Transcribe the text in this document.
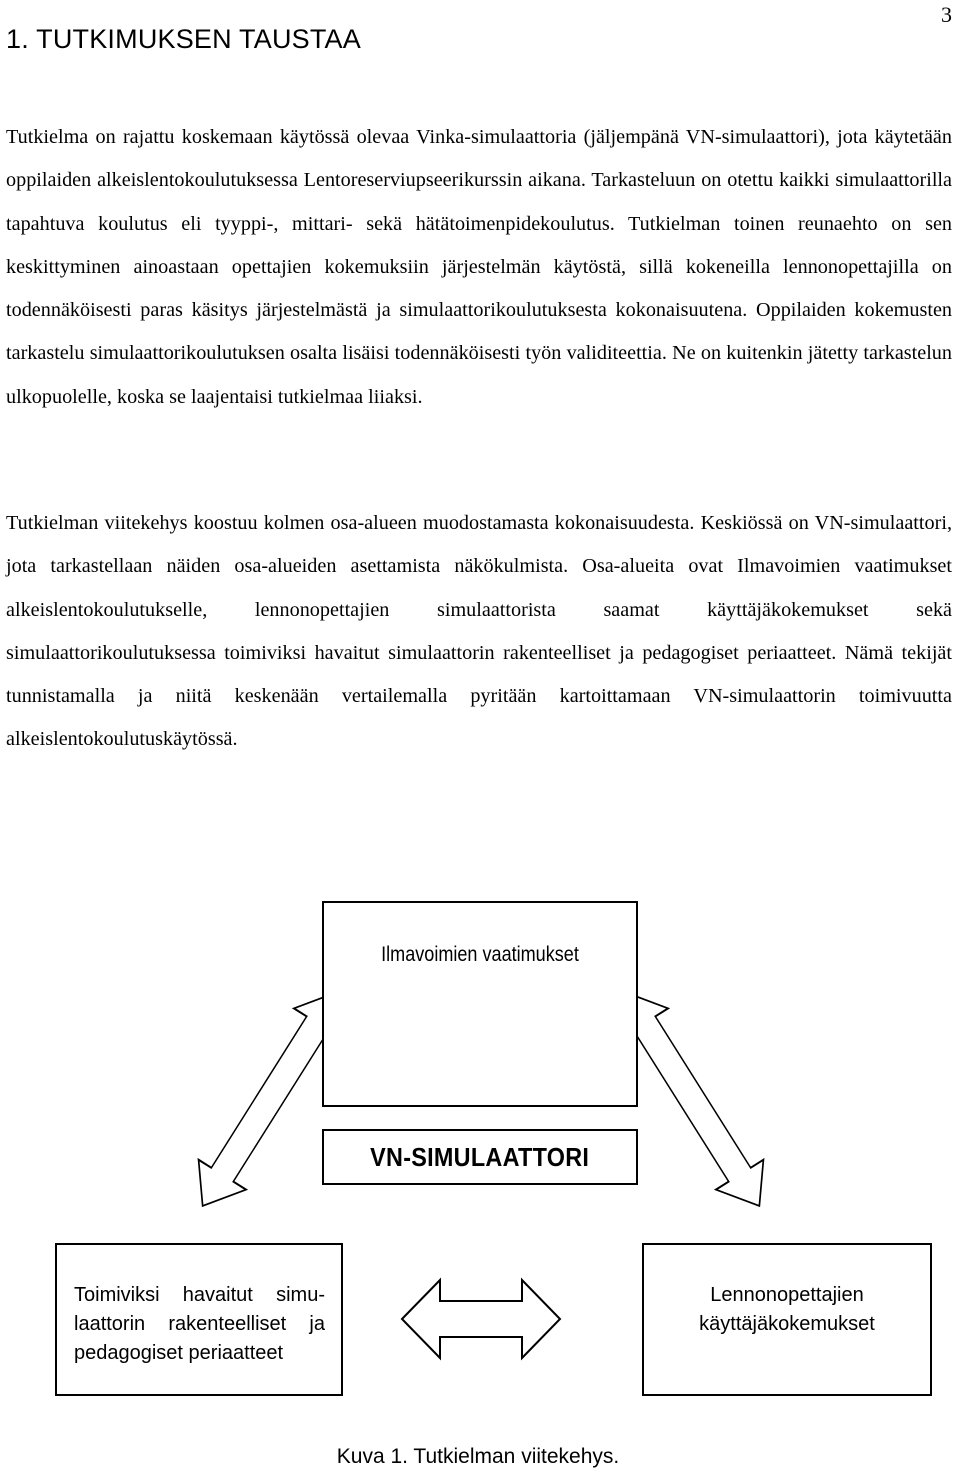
3
1. TUTKIMUKSEN TAUSTAA

Tutkielma on rajattu koskemaan käytössä olevaa Vinka-simulaattoria (jäljempänä VN-simulaattori), jota käytetään oppilaiden alkeislentokoulutuksessa Lentoreserviupseerikurssin aikana. Tarkasteluun on otettu kaikki simulaattorilla tapahtuva koulutus eli tyyppi-, mittari- sekä hätätoimenpidekoulutus. Tutkielman toinen reunaehto on sen keskittyminen ainoastaan opettajien kokemuksiin järjestelmän käytöstä, sillä kokeneilla lennonopettajilla on todennäköisesti paras käsitys järjestelmästä ja simulaattorikoulutuksesta kokonaisuutena. Oppilaiden kokemusten tarkastelu simulaattorikoulutuksen osalta lisäisi todennäköisesti työn validiteettia. Ne on kuitenkin jätetty tarkastelun ulkopuolelle, koska se laajentaisi tutkielmaa liiaksi.

Tutkielman viitekehys koostuu kolmen osa-alueen muodostamasta kokonaisuudesta. Keskiössä on VN-simulaattori, jota tarkastellaan näiden osa-alueiden asettamista näkökulmista. Osa-alueita ovat Ilmavoimien vaatimukset alkeislentokoulutukselle, lennonopettajien simulaattorista saamat käyttäjäkokemukset sekä simulaattorikoulutuksessa toimiviksi havaitut simulaattorin rakenteelliset ja pedagogiset periaatteet. Nämä tekijät tunnistamalla ja niitä keskenään vertailemalla pyritään kartoittamaan VN-simulaattorin toimivuutta alkeislentokoulutuskäytössä.

Ilmavoimien vaatimukset
VN-SIMULAATTORI
Toimiviksi havaitut simu-
laattorin rakenteelliset ja
pedagogiset periaatteet
Lennonopettajien
käyttäjäkokemukset
Kuva 1. Tutkielman viitekehys.
